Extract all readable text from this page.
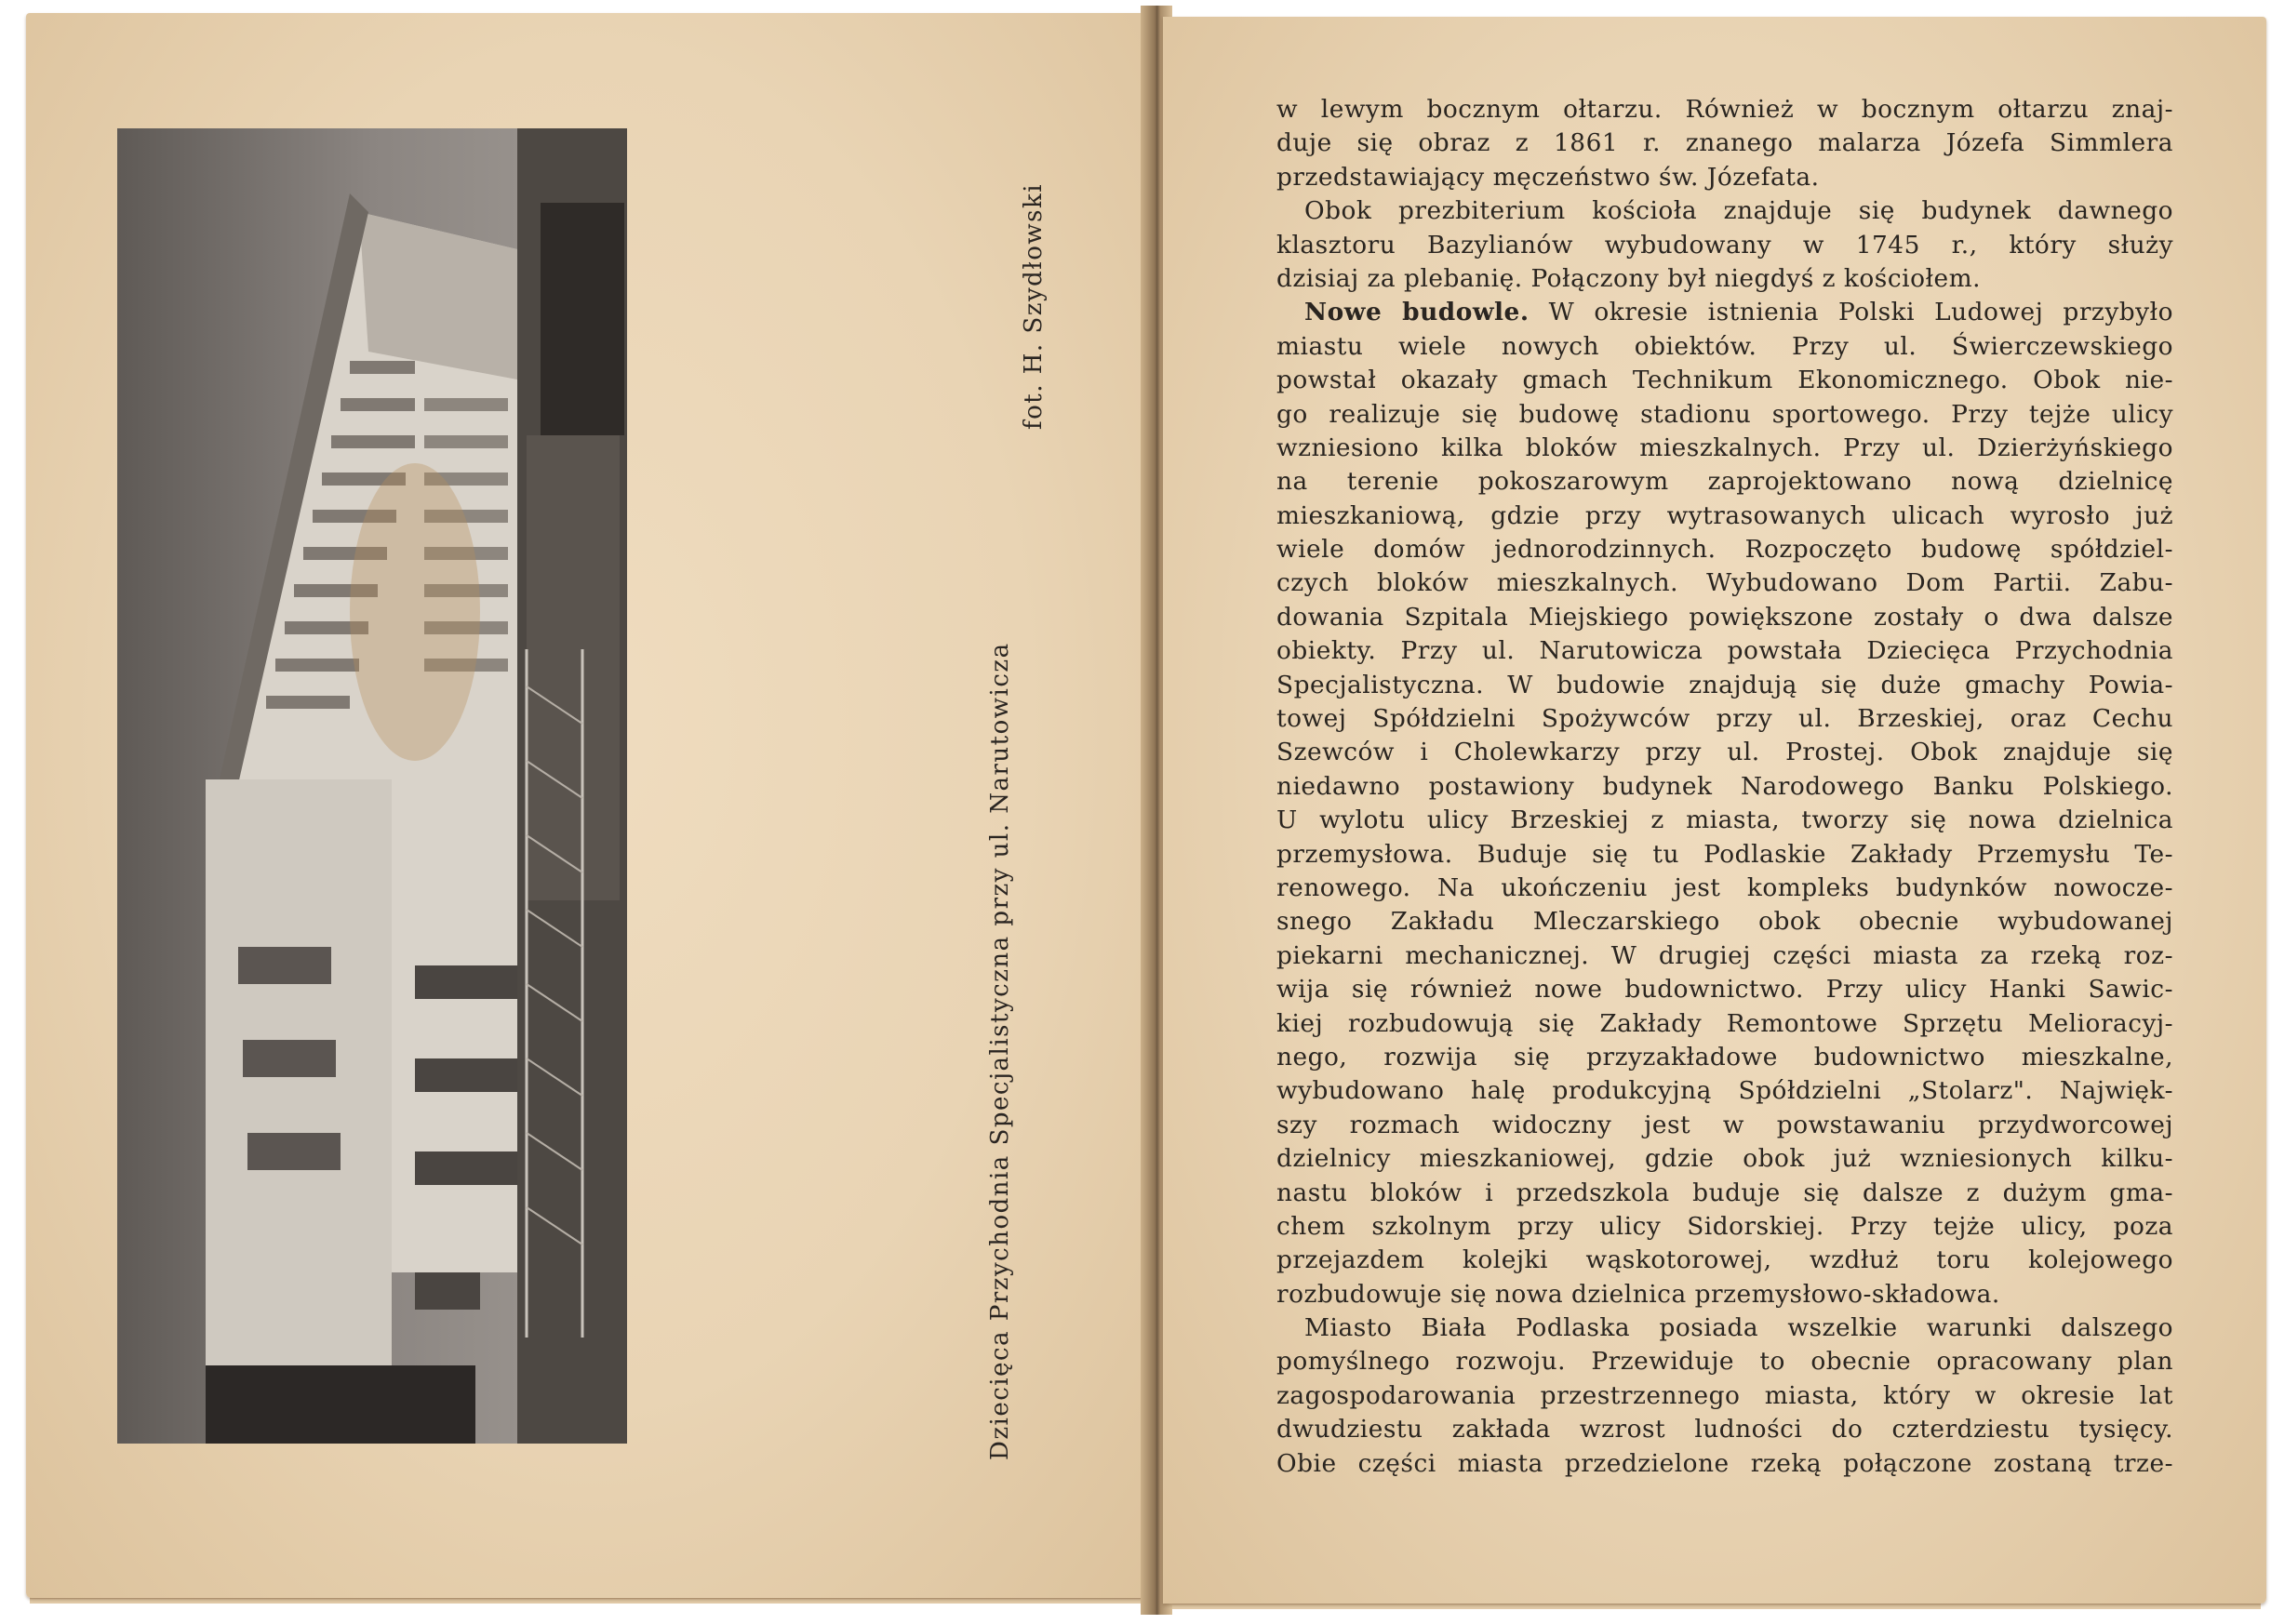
Dziecięca Przychodnia Specjalistyczna przy ul. Narutowicza
fot. H. Szydłowski
w lewym bocznym ołtarzu. Również w bocznym ołtarzu znaj-
duje się obraz z 1861 r. znanego malarza Józefa Simmlera
przedstawiający męczeństwo św. Józefata.
Obok prezbiterium kościoła znajduje się budynek dawnego
klasztoru Bazylianów wybudowany w 1745 r., który służy
dzisiaj za plebanię. Połączony był niegdyś z kościołem.
Nowe budowle. W okresie istnienia Polski Ludowej przybyło
miastu wiele nowych obiektów. Przy ul. Świerczewskiego
powstał okazały gmach Technikum Ekonomicznego. Obok nie-
go realizuje się budowę stadionu sportowego. Przy tejże ulicy
wzniesiono kilka bloków mieszkalnych. Przy ul. Dzierżyńskiego
na terenie pokoszarowym zaprojektowano nową dzielnicę
mieszkaniową, gdzie przy wytrasowanych ulicach wyrosło już
wiele domów jednorodzinnych. Rozpoczęto budowę spółdziel-
czych bloków mieszkalnych. Wybudowano Dom Partii. Zabu-
dowania Szpitala Miejskiego powiększone zostały o dwa dalsze
obiekty. Przy ul. Narutowicza powstała Dziecięca Przychodnia
Specjalistyczna. W budowie znajdują się duże gmachy Powia-
towej Spółdzielni Spożywców przy ul. Brzeskiej, oraz Cechu
Szewców i Cholewkarzy przy ul. Prostej. Obok znajduje się
niedawno postawiony budynek Narodowego Banku Polskiego.
U wylotu ulicy Brzeskiej z miasta, tworzy się nowa dzielnica
przemysłowa. Buduje się tu Podlaskie Zakłady Przemysłu Te-
renowego. Na ukończeniu jest kompleks budynków nowocze-
snego Zakładu Mleczarskiego obok obecnie wybudowanej
piekarni mechanicznej. W drugiej części miasta za rzeką roz-
wija się również nowe budownictwo. Przy ulicy Hanki Sawic-
kiej rozbudowują się Zakłady Remontowe Sprzętu Melioracyj-
nego, rozwija się przyzakładowe budownictwo mieszkalne,
wybudowano halę produkcyjną Spółdzielni „Stolarz". Najwięk-
szy rozmach widoczny jest w powstawaniu przydworcowej
dzielnicy mieszkaniowej, gdzie obok już wzniesionych kilku-
nastu bloków i przedszkola buduje się dalsze z dużym gma-
chem szkolnym przy ulicy Sidorskiej. Przy tejże ulicy, poza
przejazdem kolejki wąskotorowej, wzdłuż toru kolejowego
rozbudowuje się nowa dzielnica przemysłowo-składowa.
Miasto Biała Podlaska posiada wszelkie warunki dalszego
pomyślnego rozwoju. Przewiduje to obecnie opracowany plan
zagospodarowania przestrzennego miasta, który w okresie lat
dwudziestu zakłada wzrost ludności do czterdziestu tysięcy.
Obie części miasta przedzielone rzeką połączone zostaną trze-
